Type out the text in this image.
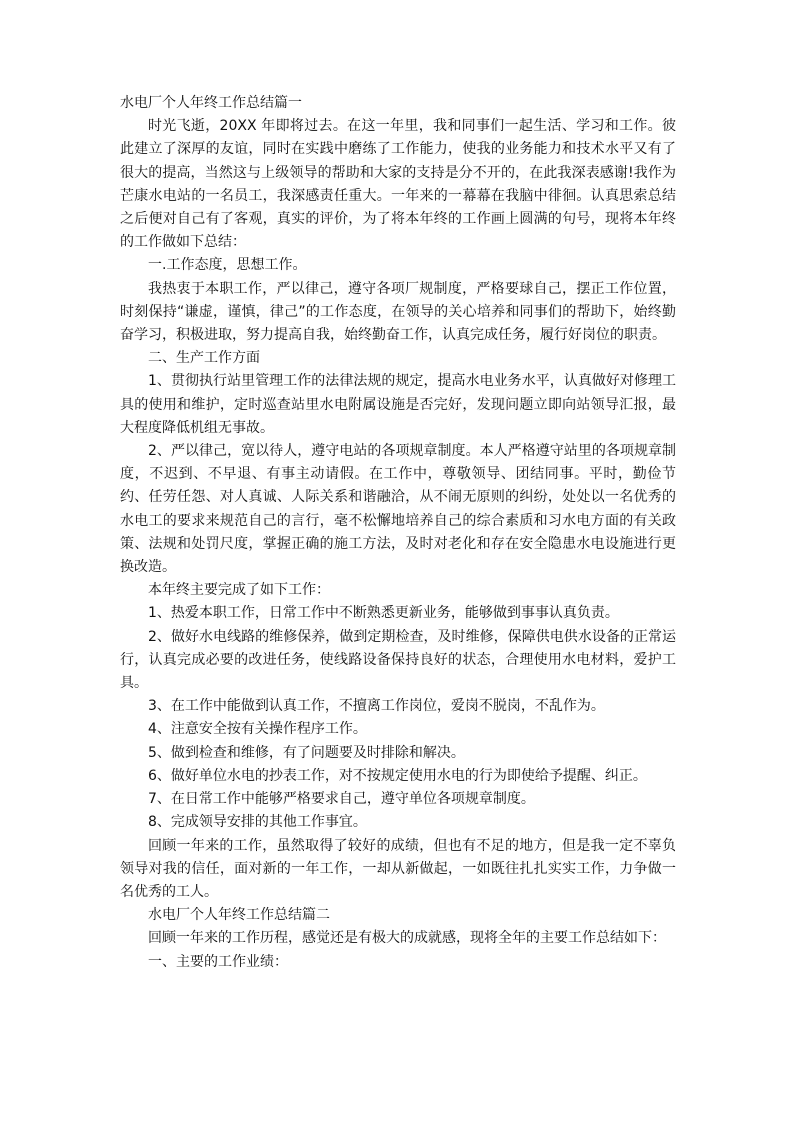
水电厂个人年终工作总结篇一

时光飞逝，20XX 年即将过去。在这一年里，我和同事们一起生活、学习和工作。彼此建立了深厚的友谊，同时在实践中磨练了工作能力，使我的业务能力和技术水平又有了很大的提高，当然这与上级领导的帮助和大家的支持是分不开的，在此我深表感谢!我作为芒康水电站的一名员工，我深感责任重大。一年来的一幕幕在我脑中徘徊。认真思索总结之后便对自己有了客观，真实的评价，为了将本年终的工作画上圆满的句号，现将本年终的工作做如下总结：

一.工作态度，思想工作。

我热衷于本职工作，严以律己，遵守各项厂规制度，严格要球自己，摆正工作位置，时刻保持“谦虚，谨慎，律己”的工作态度，在领导的关心培养和同事们的帮助下，始终勤奋学习，积极进取，努力提高自我，始终勤奋工作，认真完成任务，履行好岗位的职责。

二、生产工作方面

1、贯彻执行站里管理工作的法律法规的规定，提高水电业务水平，认真做好对修理工具的使用和维护，定时巡查站里水电附属设施是否完好，发现问题立即向站领导汇报，最大程度降低机组无事故。

2、严以律己，宽以待人，遵守电站的各项规章制度。本人严格遵守站里的各项规章制度，不迟到、不早退、有事主动请假。在工作中，尊敬领导、团结同事。平时，勤俭节约、任劳任怨、对人真诚、人际关系和谐融洽，从不闹无原则的纠纷，处处以一名优秀的水电工的要求来规范自己的言行，毫不松懈地培养自己的综合素质和习水电方面的有关政策、法规和处罚尺度，掌握正确的施工方法，及时对老化和存在安全隐患水电设施进行更换改造。

本年终主要完成了如下工作：

1、热爱本职工作，日常工作中不断熟悉更新业务，能够做到事事认真负责。

2、做好水电线路的维修保养，做到定期检查，及时维修，保障供电供水设备的正常运行，认真完成必要的改进任务，使线路设备保持良好的状态，合理使用水电材料，爱护工具。

3、在工作中能做到认真工作，不擅离工作岗位，爱岗不脱岗，不乱作为。

4、注意安全按有关操作程序工作。

5、做到检查和维修，有了问题要及时排除和解决。

6、做好单位水电的抄表工作，对不按规定使用水电的行为即使给予提醒、纠正。

7、在日常工作中能够严格要求自己，遵守单位各项规章制度。

8、完成领导安排的其他工作事宜。

回顾一年来的工作，虽然取得了较好的成绩，但也有不足的地方，但是我一定不辜负领导对我的信任，面对新的一年工作，一却从新做起，一如既往扎扎实实工作，力争做一名优秀的工人。

水电厂个人年终工作总结篇二

回顾一年来的工作历程，感觉还是有极大的成就感，现将全年的主要工作总结如下：

一、主要的工作业绩：
